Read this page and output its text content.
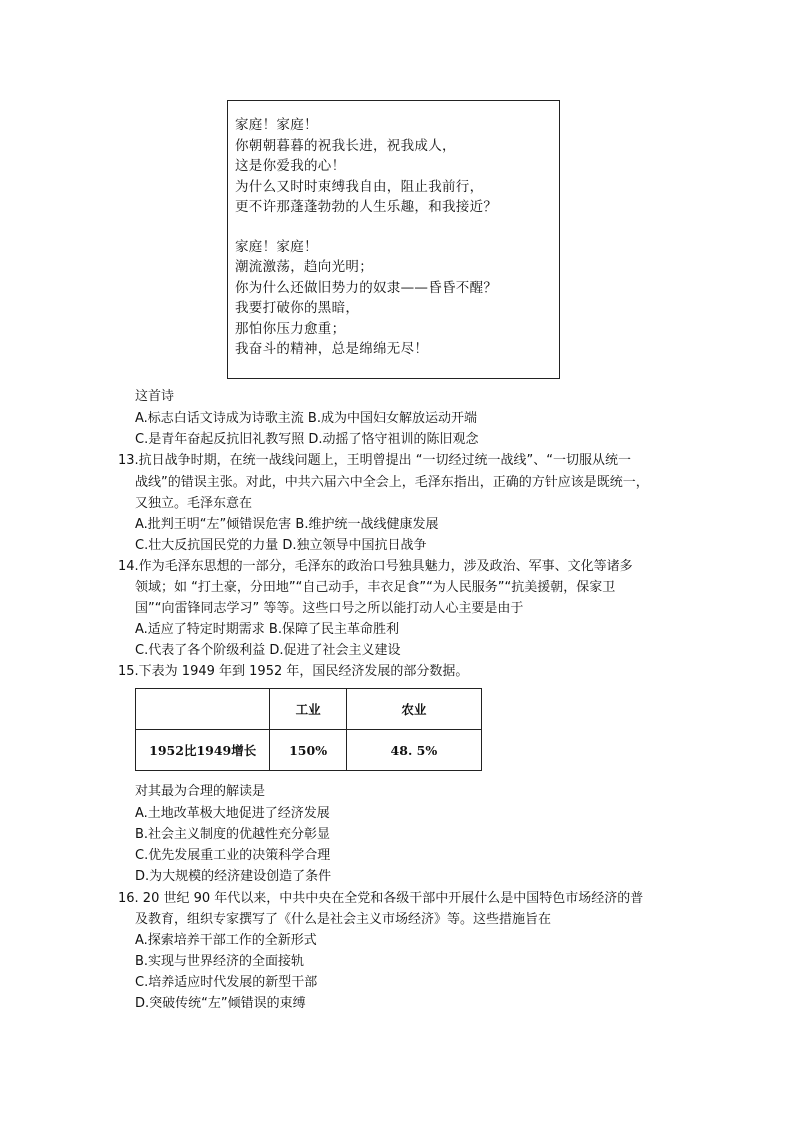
家庭！家庭！
你朝朝暮暮的祝我长进，祝我成人，
这是你爱我的心！
为什么又时时束缚我自由，阻止我前行，
更不许那蓬蓬勃勃的人生乐趣，和我接近？
家庭！家庭！
潮流激荡，趋向光明；
你为什么还做旧势力的奴隶——昏昏不醒？
我要打破你的黑暗，
那怕你压力愈重；
我奋斗的精神，总是绵绵无尽！
这首诗
A.标志白话文诗成为诗歌主流 B.成为中国妇女解放运动开端
C.是青年奋起反抗旧礼教写照 D.动摇了恪守祖训的陈旧观念
13.抗日战争时期，在统一战线问题上，王明曾提出 “一切经过统一战线”、“一切服从统一
战线”的错误主张。对此，中共六届六中全会上，毛泽东指出，正确的方针应该是既统一，
又独立。毛泽东意在
A.批判王明“左”倾错误危害 B.维护统一战线健康发展
C.壮大反抗国民党的力量 D.独立领导中国抗日战争
14.作为毛泽东思想的一部分，毛泽东的政治口号独具魅力，涉及政治、军事、文化等诸多
领域；如 “打土豪，分田地”“自己动手，丰衣足食”“为人民服务”“抗美援朝，保家卫
国”“向雷锋同志学习” 等等。这些口号之所以能打动人心主要是由于
A.适应了特定时期需求 B.保障了民主革命胜利
C.代表了各个阶级利益 D.促进了社会主义建设
15.下表为 1949 年到 1952 年，国民经济发展的部分数据。
	工业	农业
1952比1949增长	150%	48. 5%
对其最为合理的解读是
A.土地改革极大地促进了经济发展
B.社会主义制度的优越性充分彰显
C.优先发展重工业的决策科学合理
D.为大规模的经济建设创造了条件
16. 20 世纪 90 年代以来，中共中央在全党和各级干部中开展什么是中国特色市场经济的普
及教育，组织专家撰写了《什么是社会主义市场经济》等。这些措施旨在
A.探索培养干部工作的全新形式
B.实现与世界经济的全面接轨
C.培养适应时代发展的新型干部
D.突破传统“左”倾错误的束缚
